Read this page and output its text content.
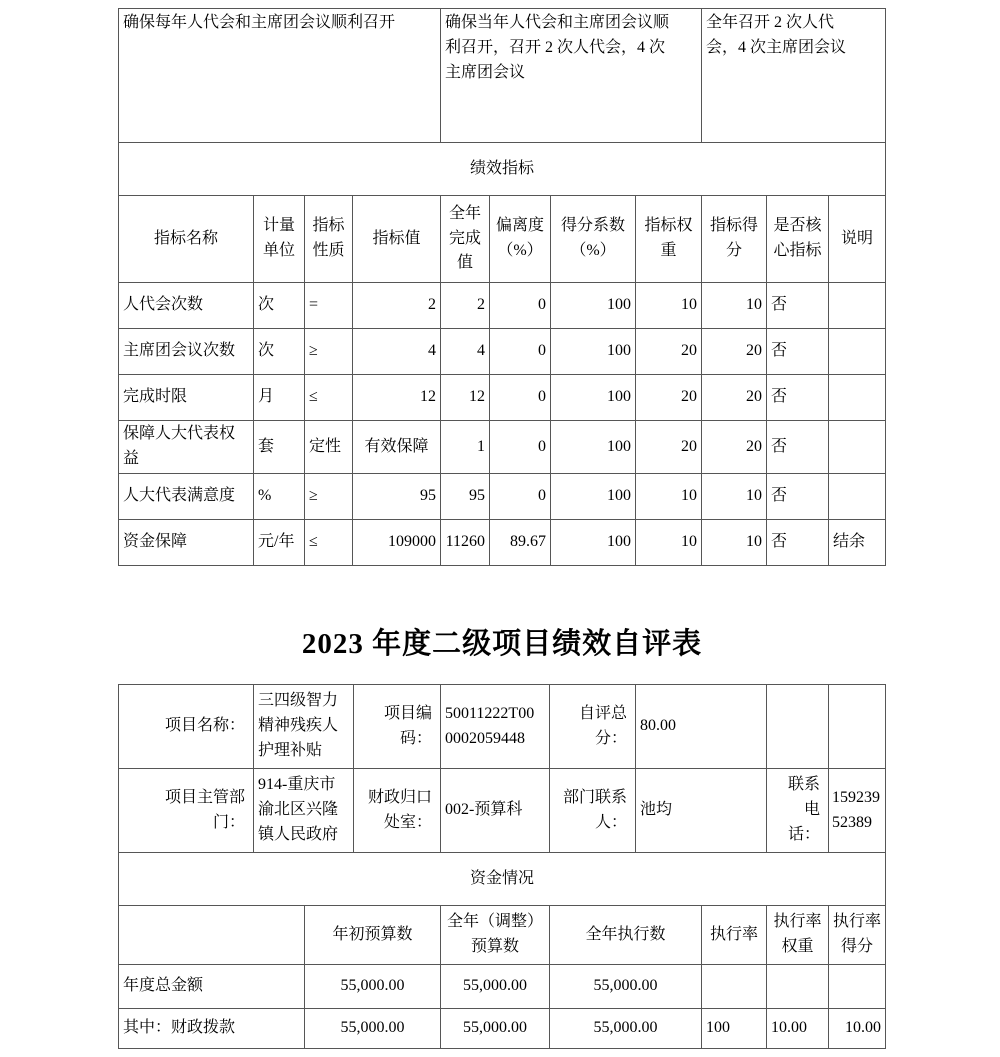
确保每年人代会和主席团会议顺利召开				确保当年人代会和主席团会议顺利召开，召开 2 次人代会，4 次主席团会议				全年召开 2 次人代会，4 次主席团会议		
绩效指标										
指标名称	计量单位	指标性质	指标值	全年完成值	偏离度（%）	得分系数（%）	指标权重	指标得分	是否核心指标	说明
人代会次数	次	=	2	2	0	100	10	10	否	
主席团会议次数	次	≥	4	4	0	100	20	20	否	
完成时限	月	≤	12	12	0	100	20	20	否	
保障人大代表权益	套	定性	有效保障	1	0	100	20	20	否	
人大代表满意度	%	≥	95	95	0	100	10	10	否	
资金保障	元/年	≤	109000	11260	89.67	100	10	10	否	结余
2023 年度二级项目绩效自评表
项目名称：	三四级智力精神残疾人护理补贴		项目编码：	50011222T000002059448	自评总分：	80.00			
项目主管部门：	914-重庆市渝北区兴隆镇人民政府		财政归口处室：	002-预算科	部门联系人：	池均		联系电话：	15923952389
资金情况									
		年初预算数		全年（调整）预算数	全年执行数		执行率	执行率权重	执行率得分
年度总金额		55,000.00		55,000.00	55,000.00				
其中：财政拨款		55,000.00		55,000.00	55,000.00		100	10.00	10.00
